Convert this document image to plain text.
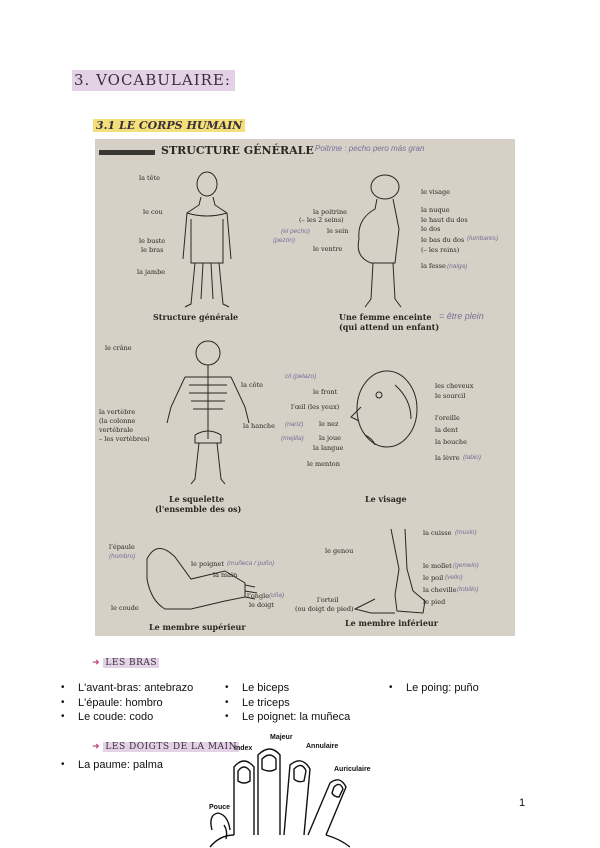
3. VOCABULAIRE:
3.1 LE CORPS HUMAIN
STRUCTURE GÉNÉRALE Poitrine : pecho pero más gran
la tête
le cou
le buste
le bras
la jambe
Structure générale
le visage
la nuque
le haut du dos
le dos
la poitrine
(– les 2 seins)
le sein
le bas du dos
(– les reins)
le ventre
la fesse
(lumbares)
(nalga)
(el pecho)
(pezón)
Une femme enceinte
(qui attend un enfant)
= être plein
le crâne
la côte
la vertèbre
(la colonne
vertébrale
– les vertèbres)
la hanche
Le squelette
(l'ensemble des os)
cil (pelazo)
le front
l'œil (les yeux)
le nez
(nariz)
la joue
(mejilla)
la langue
le menton
les cheveux
le sourcil
l'oreille
la dent
la bouche
la lèvre (labio)
Le visage
l'épaule
(hombro)
le poignet (muñeca / puño)
la main
l'ongle (uña)
le doigt
le coude
Le membre supérieur
le genou
la cuisse (muslo)
le mollet (gemelo)
le poil (vello)
la cheville (tobillo)
le pied
l'orteil
(ou doigt de pied)
Le membre inférieur
➜ LES BRAS
• L'avant-bras: antebrazo
• L'épaule: hombro
• Le coude: codo
• Le biceps
• Le triceps
• Le poignet: la muñeca
• Le poing: puño
➜ LES DOIGTS DE LA MAIN
• La paume: palma
Pouce
Index
Majeur
Annulaire
Auriculaire
1
